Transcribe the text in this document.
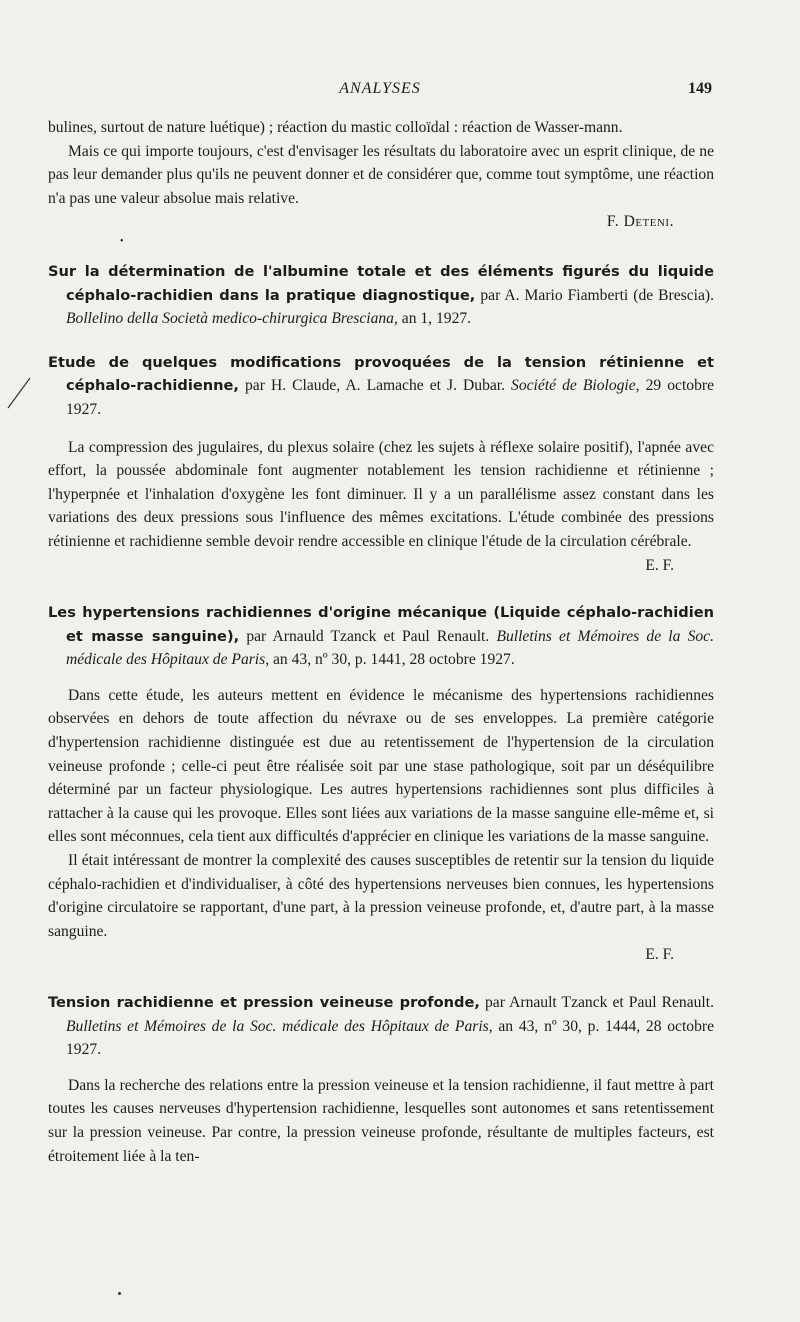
ANALYSES	149
•

bulines, surtout de nature luétique) ; réaction du mastic colloïdal : réaction de Wasser-mann.

Mais ce qui importe toujours, c'est d'envisager les résultats du laboratoire avec un esprit clinique, de ne pas leur demander plus qu'ils ne peuvent donner et de considérer que, comme tout symptôme, une réaction n'a pas une valeur absolue mais relative.

F. Deteni.

Sur la détermination de l'albumine totale et des éléments figurés du liquide céphalo-rachidien dans la pratique diagnostique, par A. Mario Fiamberti (de Brescia). Bollelino della Società medico-chirurgica Bresciana, an 1, 1927.

Etude de quelques modifications provoquées de la tension rétinienne et céphalo-rachidienne, par H. Claude, A. Lamache et J. Dubar. Société de Biologie, 29 octobre 1927.

La compression des jugulaires, du plexus solaire (chez les sujets à réflexe solaire positif), l'apnée avec effort, la poussée abdominale font augmenter notablement les tension rachidienne et rétinienne ; l'hyperpnée et l'inhalation d'oxygène les font diminuer. Il y a un parallélisme assez constant dans les variations des deux pressions sous l'influence des mêmes excitations. L'étude combinée des pressions rétinienne et rachidienne semble devoir rendre accessible en clinique l'étude de la circulation cérébrale.

E. F.

Les hypertensions rachidiennes d'origine mécanique (Liquide céphalo-rachidien et masse sanguine), par Arnauld Tzanck et Paul Renault. Bulletins et Mémoires de la Soc. médicale des Hôpitaux de Paris, an 43, nº 30, p. 1441, 28 octobre 1927.

Dans cette étude, les auteurs mettent en évidence le mécanisme des hypertensions rachidiennes observées en dehors de toute affection du névraxe ou de ses enveloppes. La première catégorie d'hypertension rachidienne distinguée est due au retentissement de l'hypertension de la circulation veineuse profonde ; celle-ci peut être réalisée soit par une stase pathologique, soit par un déséquilibre déterminé par un facteur physiologique. Les autres hypertensions rachidiennes sont plus difficiles à rattacher à la cause qui les provoque. Elles sont liées aux variations de la masse sanguine elle-même et, si elles sont méconnues, cela tient aux difficultés d'apprécier en clinique les variations de la masse sanguine.

Il était intéressant de montrer la complexité des causes susceptibles de retentir sur la tension du liquide céphalo-rachidien et d'individualiser, à côté des hypertensions nerveuses bien connues, les hypertensions d'origine circulatoire se rapportant, d'une part, à la pression veineuse profonde, et, d'autre part, à la masse sanguine.

E. F.

Tension rachidienne et pression veineuse profonde, par Arnault Tzanck et Paul Renault. Bulletins et Mémoires de la Soc. médicale des Hôpitaux de Paris, an 43, nº 30, p. 1444, 28 octobre 1927.

Dans la recherche des relations entre la pression veineuse et la tension rachidienne, il faut mettre à part toutes les causes nerveuses d'hypertension rachidienne, lesquelles sont autonomes et sans retentissement sur la pression veineuse. Par contre, la pression veineuse profonde, résultante de multiples facteurs, est étroitement liée à la ten-
